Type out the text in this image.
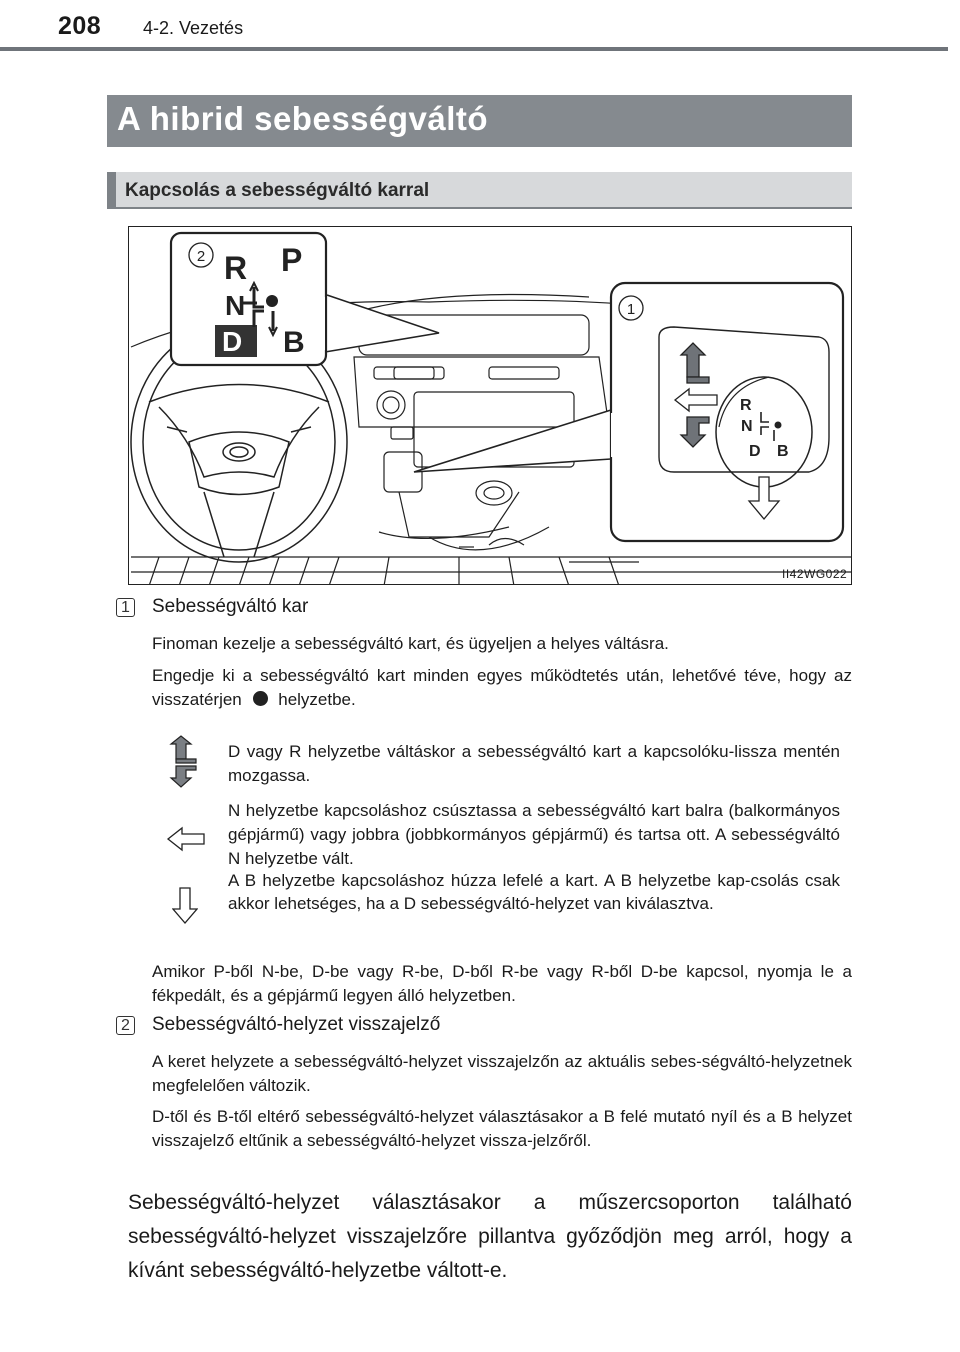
208 4-2. Vezetés
A hibrid sebességváltó
Kapcsolás a sebességváltó karral
2 R P
N
D B
1
R
N
D B
II42WG022
1 Sebességváltó kar
Finoman kezelje a sebességváltó kart, és ügyeljen a helyes váltásra.
Engedje ki a sebességváltó kart minden egyes működtetés után, lehetővé téve, hogy az visszatérjen helyzetbe.
D vagy R helyzetbe váltáskor a sebességváltó kart a kapcsolóku-lissza mentén mozgassa.
N helyzetbe kapcsoláshoz csúsztassa a sebességváltó kart balra (balkormányos gépjármű) vagy jobbra (jobbkormányos gépjármű) és tartsa ott. A sebességváltó N helyzetbe vált.
A B helyzetbe kapcsoláshoz húzza lefelé a kart. A B helyzetbe kap-csolás csak akkor lehetséges, ha a D sebességváltó-helyzet van kiválasztva.
Amikor P-ből N-be, D-be vagy R-be, D-ből R-be vagy R-ből D-be kapcsol, nyomja le a fékpedált, és a gépjármű legyen álló helyzetben.
2 Sebességváltó-helyzet visszajelző
A keret helyzete a sebességváltó-helyzet visszajelzőn az aktuális sebes-ségváltó-helyzetnek megfelelően változik.
D-től és B-től eltérő sebességváltó-helyzet választásakor a B felé mutató nyíl és a B helyzet visszajelző eltűnik a sebességváltó-helyzet vissza-jelzőről.
Sebességváltó-helyzet választásakor a műszercsoporton található sebességváltó-helyzet visszajelzőre pillantva győződjön meg arról, hogy a kívánt sebességváltó-helyzetbe váltott-e.
